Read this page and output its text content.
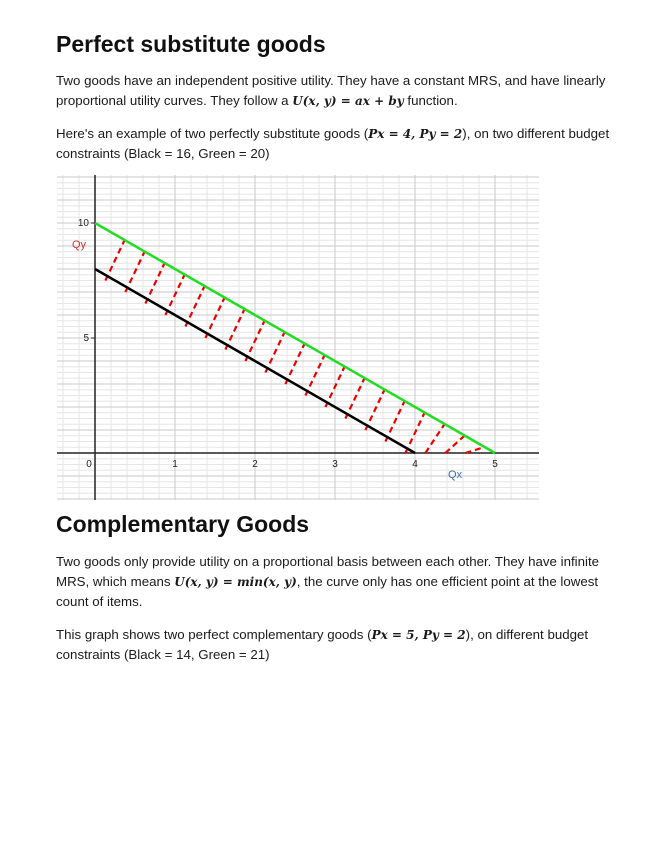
Perfect substitute goods

Two goods have an independent positive utility. They have a constant MRS, and have linearly proportional utility curves. They follow a U(x, y) = ax + by function.

Here's an example of two perfectly substitute goods (Px = 4, Py = 2), on two different budget constraints (Black = 16, Green = 20)

0	1	2	3	4	5
5
10
Qx
Qy
Complementary Goods

Two goods only provide utility on a proportional basis between each other. They have infinite MRS, which means U(x, y) = min(x, y), the curve only has one efficient point at the lowest count of items.

This graph shows two perfect complementary goods (Px = 5, Py = 2), on different budget constraints (Black = 14, Green = 21)
